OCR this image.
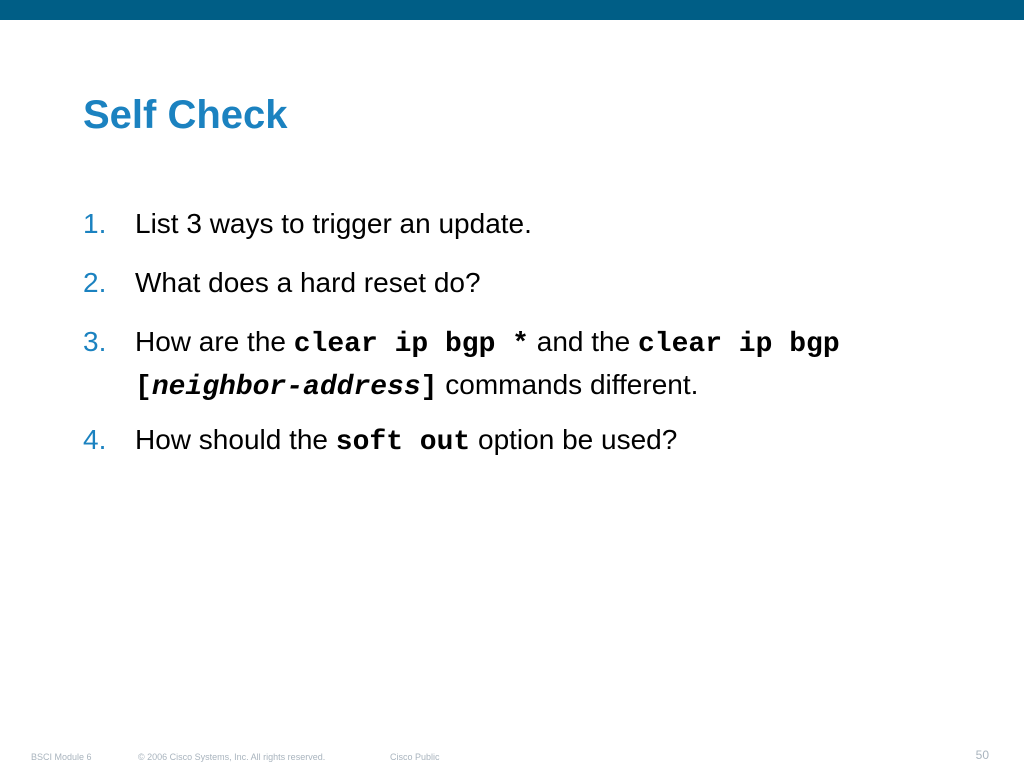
Self Check
1. List 3 ways to trigger an update.
2. What does a hard reset do?
3. How are the clear ip bgp * and the clear ip bgp [neighbor-address] commands different.
4. How should the soft out option be used?
BSCI Module 6	© 2006 Cisco Systems, Inc. All rights reserved.	Cisco Public	50
